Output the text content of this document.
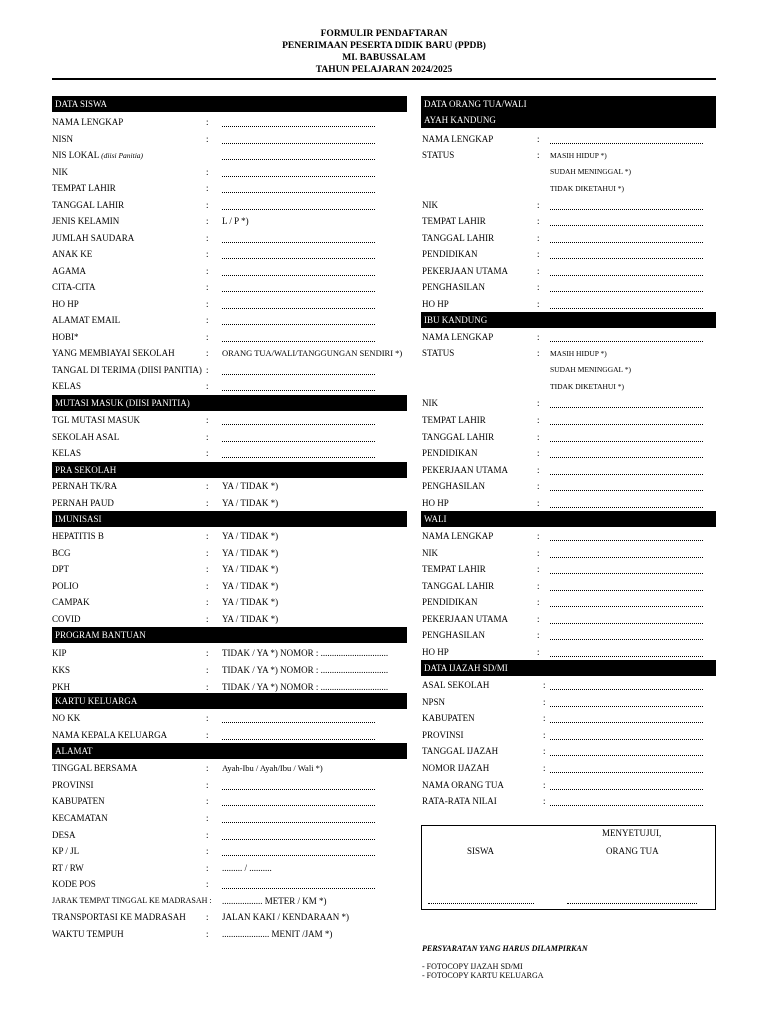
FORMULIR PENDAFTARAN
PENERIMAAN PESERTA DIDIK BARU (PPDB)
MI. BABUSSALAM
TAHUN PELAJARAN 2024/2025
DATA SISWA
NAMA LENGKAP
NISN
NIS LOKAL (diisi Panitia)
NIK
TEMPAT LAHIR
TANGGAL LAHIR
JENIS KELAMIN
JUMLAH SAUDARA
ANAK KE
AGAMA
CITA-CITA
HO HP
ALAMAT EMAIL
HOBI*
YANG MEMBIAYAI SEKOLAH
TANGAL DI TERIMA (DIISI PANITIA)
KELAS
:
:
:
:
:
:
:
:
:
:
:
:
:
:
:
:
L / P *)
ORANG TUA/WALI/TANGGUNGAN SENDIRI *)
MUTASI MASUK (DIISI PANITIA)
TGL MUTASI MASUK
SEKOLAH ASAL
KELAS
:
:
:
PRA SEKOLAH
PERNAH TK/RA
PERNAH PAUD
:
:
YA / TIDAK *)
YA / TIDAK *)
IMUNISASI
HEPATITIS B
BCG
DPT
POLIO
CAMPAK
COVID
:
:
:
:
:
:
YA / TIDAK *)
YA / TIDAK *)
YA / TIDAK *)
YA / TIDAK *)
YA / TIDAK *)
YA / TIDAK *)
PROGRAM BANTUAN
KIP
KKS
PKH
:
:
:
TIDAK / YA *) NOMOR : ..............................
TIDAK / YA *) NOMOR : ..............................
TIDAK / YA *) NOMOR : ..............................
KARTU KELUARGA
NO KK
NAMA KEPALA KELUARGA
:
:
ALAMAT
TINGGAL BERSAMA
PROVINSI
KABUPATEN
KECAMATAN
DESA
KP / JL
RT / RW
KODE POS
JARAK TEMPAT TINGGAL KE MADRASAH :
TRANSPORTASI KE MADRASAH
WAKTU TEMPUH
:
:
:
:
:
:
:
:
:
:
Ayah-Ibu / Ayah/Ibu / Wali *)
......... / ..........
.................. METER / KM *)
JALAN KAKI / KENDARAAN *)
..................... MENIT /JAM *)
DATA ORANG TUA/WALI
AYAH KANDUNG
NAMA LENGKAP
STATUS
NIK
TEMPAT LAHIR
TANGGAL LAHIR
PENDIDIKAN
PEKERJAAN UTAMA
PENGHASILAN
HO HP
:
:
:
:
:
:
:
:
:
MASIH HIDUP *)
SUDAH MENINGGAL *)
TIDAK DIKETAHUI *)
IBU KANDUNG
NAMA LENGKAP
STATUS
NIK
TEMPAT LAHIR
TANGGAL LAHIR
PENDIDIKAN
PEKERJAAN UTAMA
PENGHASILAN
HO HP
:
:
:
:
:
:
:
:
:
MASIH HIDUP *)
SUDAH MENINGGAL *)
TIDAK DIKETAHUI *)
WALI
NAMA LENGKAP
NIK
TEMPAT LAHIR
TANGGAL LAHIR
PENDIDIKAN
PEKERJAAN UTAMA
PENGHASILAN
HO HP
:
:
:
:
:
:
:
:
DATA IJAZAH SD/MI
ASAL SEKOLAH
NPSN
KABUPATEN
PROVINSI
TANGGAL IJAZAH
NOMOR IJAZAH
NAMA ORANG TUA
RATA-RATA NILAI
:
:
:
:
:
:
:
:
MENYETUJUI,
SISWA	ORANG TUA
PERSYARATAN YANG HARUS DILAMPIRKAN
- FOTOCOPY IJAZAH SD/MI
- FOTOCOPY KARTU KELUARGA
